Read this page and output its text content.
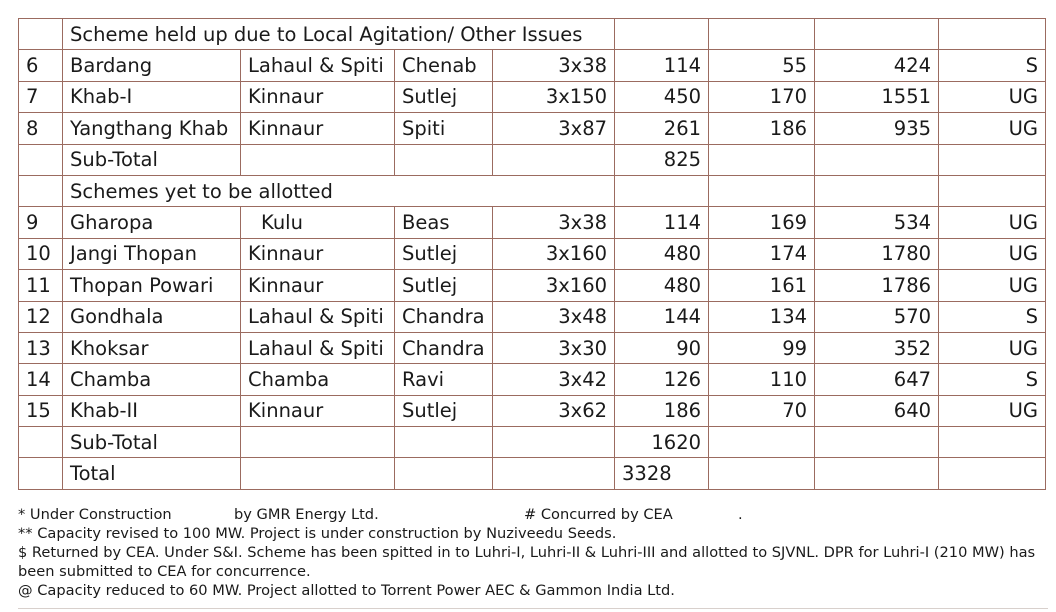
	Scheme held up due to Local Agitation/ Other Issues							
6	Bardang	Lahaul & Spiti	Chenab	3x38	114	55	424	S
7	Khab-I	Kinnaur	Sutlej	3x150	450	170	1551	UG
8	Yangthang Khab	Kinnaur	Spiti	3x87	261	186	935	UG
	Sub-Total				825			
	Schemes yet to be allotted							
9	Gharopa	Kulu	Beas	3x38	114	169	534	UG
10	Jangi Thopan	Kinnaur	Sutlej	3x160	480	174	1780	UG
11	Thopan Powari	Kinnaur	Sutlej	3x160	480	161	1786	UG
12	Gondhala	Lahaul & Spiti	Chandra	3x48	144	134	570	S
13	Khoksar	Lahaul & Spiti	Chandra	3x30	90	99	352	UG
14	Chamba	Chamba	Ravi	3x42	126	110	647	S
15	Khab-II	Kinnaur	Sutlej	3x62	186	70	640	UG
	Sub-Total				1620			
	Total				3328			
* Under Construction	by GMR Energy Ltd.	# Concurred by CEA	.
** Capacity revised to 100 MW. Project is under construction by Nuziveedu Seeds.
$ Returned by CEA. Under S&I. Scheme has been spitted in to Luhri-I, Luhri-II & Luhri-III and allotted to SJVNL. DPR for Luhri-I (210 MW) has been submitted to CEA for concurrence.
@ Capacity reduced to 60 MW. Project allotted to Torrent Power AEC & Gammon India Ltd.
